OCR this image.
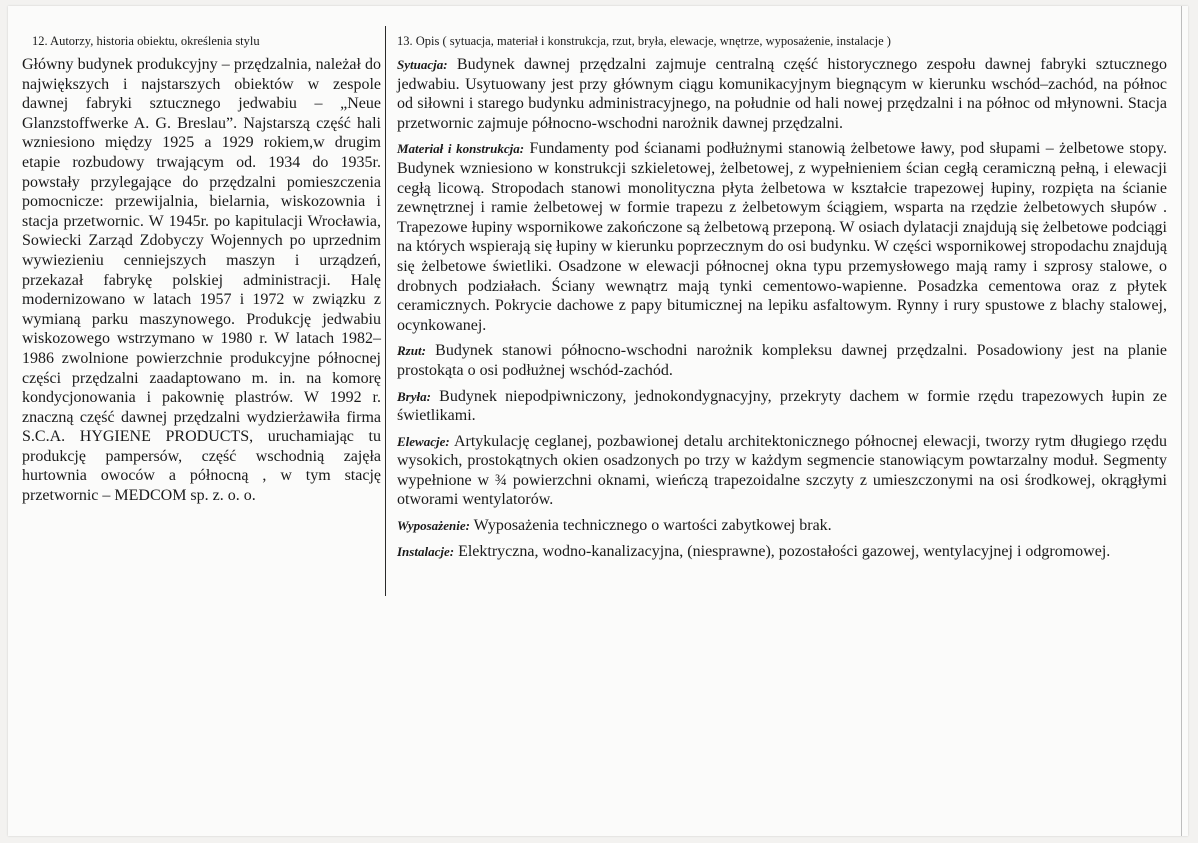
12. Autorzy, historia obiektu, określenia stylu

Główny budynek produkcyjny – przędzalnia, należał do największych i najstarszych obiektów w zespole dawnej fabryki sztucznego jedwabiu – „Neue Glanzstoffwerke A. G. Breslau”. Najstarszą część hali wzniesiono między 1925 a 1929 rokiem,w drugim etapie rozbudowy trwającym od. 1934 do 1935r. powstały przylegające do przędzalni pomieszczenia pomocnicze: przewijalnia, bielarnia, wiskozownia i stacja przetwornic. W 1945r. po kapitulacji Wrocławia, Sowiecki Zarząd Zdobyczy Wojennych po uprzednim wywiezieniu cenniejszych maszyn i urządzeń, przekazał fabrykę polskiej administracji. Halę modernizowano w latach 1957 i 1972 w związku z wymianą parku maszynowego. Produkcję jedwabiu wiskozowego wstrzymano w 1980 r. W latach 1982–1986 zwolnione powierzchnie produkcyjne północnej części przędzalni zaadaptowano m. in. na komorę kondycjonowania i pakownię plastrów. W 1992 r. znaczną część dawnej przędzalni wydzierżawiła firma S.C.A. HYGIENE PRODUCTS, uruchamiając tu produkcję pampersów, część wschodnią zajęła hurtownia owoców a północną , w tym stację przetwornic – MEDCOM sp. z. o. o.

13. Opis ( sytuacja, materiał i konstrukcja, rzut, bryła, elewacje, wnętrze, wyposażenie, instalacje )

Sytuacja: Budynek dawnej przędzalni zajmuje centralną część historycznego zespołu dawnej fabryki sztucznego jedwabiu. Usytuowany jest przy głównym ciągu komunikacyjnym biegnącym w kierunku wschód–zachód, na północ od siłowni i starego budynku administracyjnego, na południe od hali nowej przędzalni i na północ od młynowni. Stacja przetwornic zajmuje północno-wschodni narożnik dawnej przędzalni.

Materiał i konstrukcja: Fundamenty pod ścianami podłużnymi stanowią żelbetowe ławy, pod słupami – żelbetowe stopy. Budynek wzniesiono w konstrukcji szkieletowej, żelbetowej, z wypełnieniem ścian cegłą ceramiczną pełną, i elewacji cegłą licową. Stropodach stanowi monolityczna płyta żelbetowa w kształcie trapezowej łupiny, rozpięta na ścianie zewnętrznej i ramie żelbetowej w formie trapezu z żelbetowym ściągiem, wsparta na rzędzie żelbetowych słupów . Trapezowe łupiny wspornikowe zakończone są żelbetową przeponą. W osiach dylatacji znajdują się żelbetowe podciągi na których wspierają się łupiny w kierunku poprzecznym do osi budynku. W części wspornikowej stropodachu znajdują się żelbetowe świetliki. Osadzone w elewacji północnej okna typu przemysłowego mają ramy i szprosy stalowe, o drobnych podziałach. Ściany wewnątrz mają tynki cementowo-wapienne. Posadzka cementowa oraz z płytek ceramicznych. Pokrycie dachowe z papy bitumicznej na lepiku asfaltowym. Rynny i rury spustowe z blachy stalowej, ocynkowanej.

Rzut: Budynek stanowi północno-wschodni narożnik kompleksu dawnej przędzalni. Posadowiony jest na planie prostokąta o osi podłużnej wschód-zachód.

Bryła: Budynek niepodpiwniczony, jednokondygnacyjny, przekryty dachem w formie rzędu trapezowych łupin ze świetlikami.

Elewacje: Artykulację ceglanej, pozbawionej detalu architektonicznego północnej elewacji, tworzy rytm długiego rzędu wysokich, prostokątnych okien osadzonych po trzy w każdym segmencie stanowiącym powtarzalny moduł. Segmenty wypełnione w ¾ powierzchni oknami, wieńczą trapezoidalne szczyty z umieszczonymi na osi środkowej, okrągłymi otworami wentylatorów.

Wyposażenie: Wyposażenia technicznego o wartości zabytkowej brak.

Instalacje: Elektryczna, wodno-kanalizacyjna, (niesprawne), pozostałości gazowej, wentylacyjnej i odgromowej.
